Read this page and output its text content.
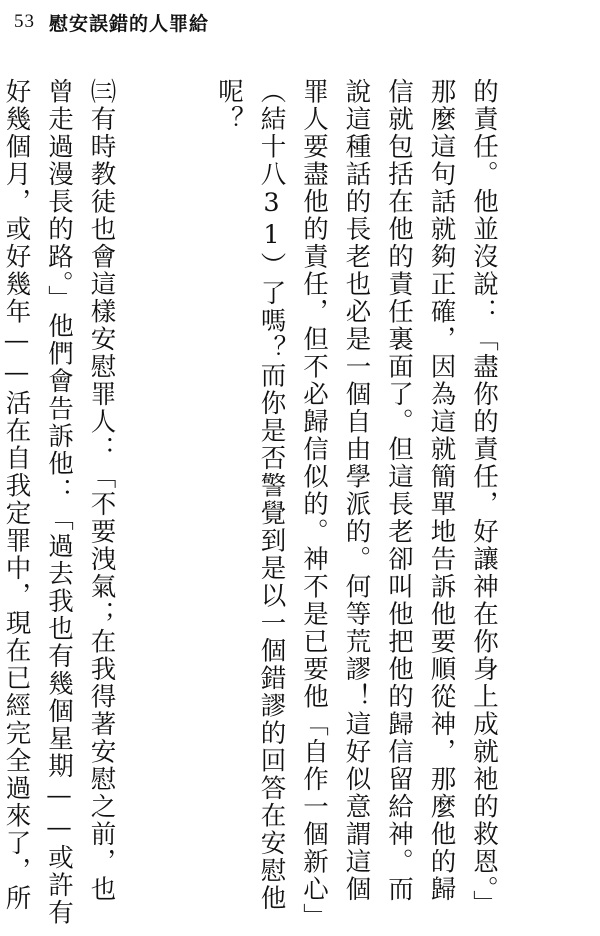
53 慰安誤錯的人罪給

的責任。他並沒說：「盡你的責任，好讓神在你身上成就祂的救恩。」那麼這句話就夠正確，因為這就簡單地告訴他要順從神，那麼他的歸信就包括在他的責任裏面了。但這長老卻叫他把他的歸信留給神。而說這種話的長老也必是一個自由學派的。何等荒謬！這好似意謂這個罪人要盡他的責任，但不必歸信似的。神不是已要他「自作一個新心」（結十八31）了嗎？而你是否警覺到是以一個錯謬的回答在安慰他呢？

㈢有時教徒也會這樣安慰罪人：「不要洩氣；在我得著安慰之前，也曾走過漫長的路。」他們會告訴他：「過去我也有幾個星期——或許有好幾個月，或好幾年——活在自我定罪中，現在已經完全過來了，所
